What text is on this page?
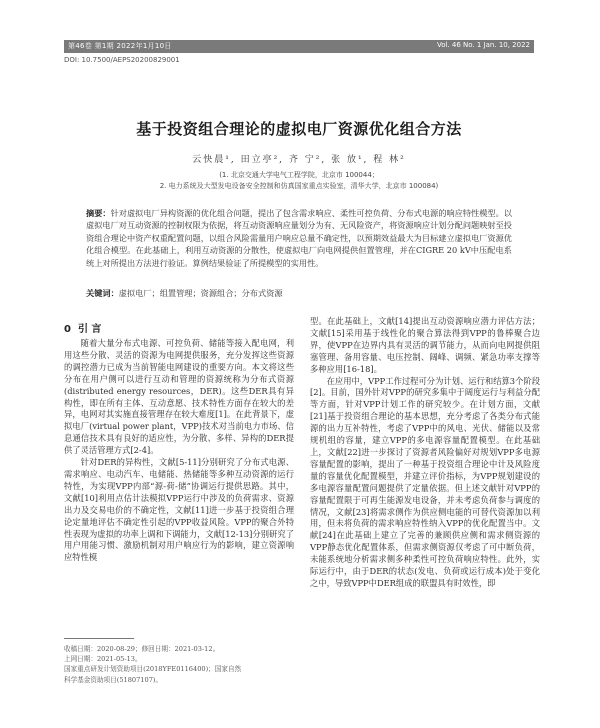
第46卷 第1期 2022年1月10日	Vol. 46 No. 1 Jan. 10, 2022
DOI: 10.7500/AEPS20200829001
基于投资组合理论的虚拟电厂资源优化组合方法
云快晨¹, 田立亭², 齐 宁², 张 放¹, 程 林²
(1. 北京交通大学电气工程学院，北京市 100044；
2. 电力系统及大型发电设备安全控制和仿真国家重点实验室，清华大学，北京市 100084)
摘要：针对虚拟电厂异构资源的优化组合问题，提出了包含需求响应、柔性可控负荷、分布式电源的响应特性模型。以虚拟电厂对互动资源的控制权限为依据，将互动资源响应量划分为有、无风险资产，将资源响应计划分配问题映射至投资组合理论中资产权重配置问题，以组合风险需量用户响应总量不确定性，以预期效益最大为目标建立虚拟电厂资源优化组合模型。在此基础上，利用互动资源的分散性，使虚拟电厂向电网提供但置管理，并在CIGRE 20 kV中压配电系统上对所提出方法进行验证。算例结果验证了所提模型的实用性。
关键词：虚拟电厂；组置管理；资源组合；分布式资源
0 引 言

随着大量分布式电源、可控负荷、储能等接入配电网，利用这些分散、灵活的资源为电网提供服务，充分发挥这些资源的调控潜力已成为当前智能电网建设的重要方向。本文将这些分布在用户侧可以进行互动和管理的资源统称为分布式资源(distributed energy resources，DER)。这些DER具有异构性，即在所有主体、互动意愿、技术特性方面存在较大的差异，电网对其实施直接管理存在较大难度[1]。在此背景下，虚拟电厂(virtual power plant，VPP)技术对当前电力市场、信息通信技术具有良好的适应性，为分散、多样、异构的DER提供了灵活管理方式[2-4]。

针对DER的异构性，文献[5-11]分别研究了分布式电源、需求响应、电动汽车、电储能、热储能等多种互动资源的运行特性，为实现VPP内部“源-荷-储”协调运行提供思路。其中，文献[10]利用点估计法模拟VPP运行中涉及的负荷需求、资源出力及交易电价的不确定性，文献[11]进一步基于投资组合理论定量地评估不确定性引起的VPP收益风险。VPP的聚合外特性表现为虚拟的功率上调和下调能力，文献[12-13]分别研究了用户用能习惯、激励机制对用户响应行为的影响，建立资源响应特性模

收稿日期：2020-08-29；修回日期：2021-03-12。
上网日期：2021-05-13。
国家重点研发计划资助项目(2018YFE0116400)；国家自然
科学基金资助项目(51807107)。

型。在此基础上，文献[14]提出互动资源响应潜力评估方法；文献[15]采用基于线性化的聚合算法得到VPP的鲁棒聚合边界，使VPP在边界内具有灵活的调节能力，从而向电网提供阻塞管理、备用容量、电压控制、阔峰、调频、紧急功率支撑等多种应用[16-18]。

在应用中，VPP工作过程可分为计划、运行和结算3个阶段[2]。目前，国外针对VPP的研究多集中于阔度运行与利益分配等方面，针对VPP计划工作的研究较少。在计划方面，文献[21]基于投资组合理论的基本思想，充分考虑了各类分布式能源的出力互补特性，考虑了VPP中的风电、光伏、储能以及常规机组的容量，建立VPP的多电源容量配置模型。在此基础上，文献[22]进一步探讨了资源者风险偏好对规划VPP多电源容量配置的影响，提出了一种基于投资组合理论中计及风险度量的容量优化配置模型，并建立评价指标，为VPP规划建设的多电源容量配置问题提供了定量依据。但上述文献针对VPP的容量配置限于可再生能源发电设备，并未考虑负荷参与调度的情况，文献[23]将需求侧作为供应侧电能的可替代资源加以利用，但未将负荷的需求响应特性纳入VPP的优化配置当中。文献[24]在此基础上建立了完善的兼顾供应侧和需求侧资源的VPP静态优化配置体系，但需求侧资源仅考虑了可中断负荷，未能系统地分析需求侧多种柔性可控负荷响应特性。此外，实际运行中，由于DER的状态(发电、负荷或运行成本)处于变化之中，导致VPP中DER组成的联盟具有时效性，即
